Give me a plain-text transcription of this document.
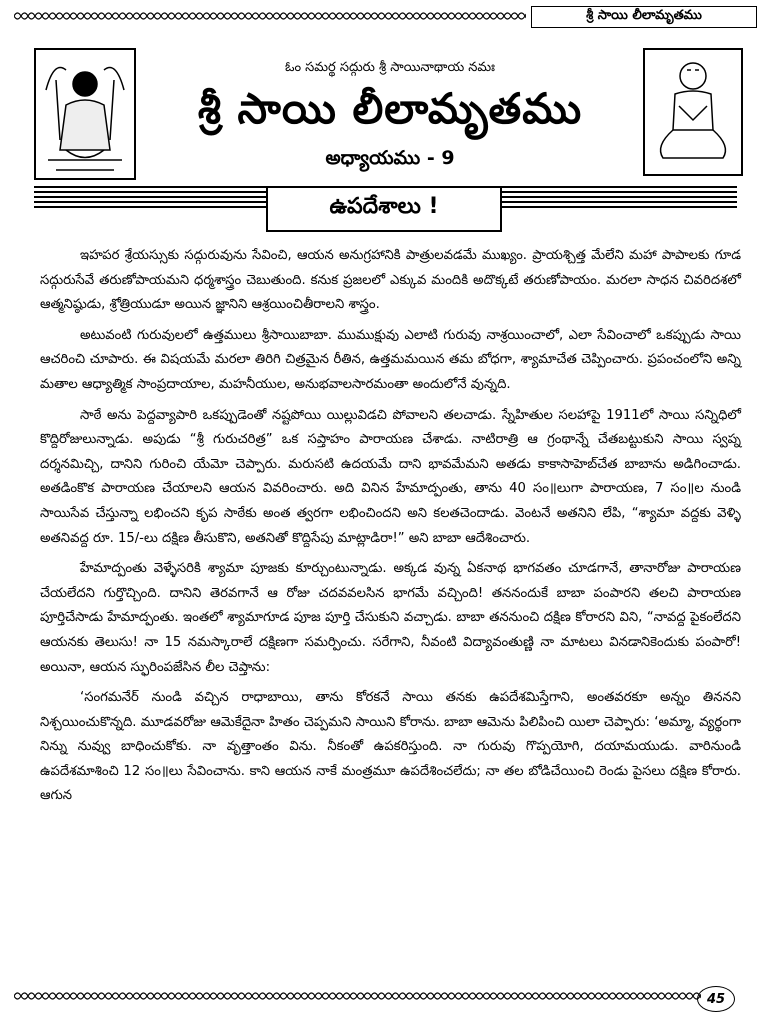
శ్రీ సాయి లీలామృతము
ఓం సమర్థ సద్గురు శ్రీ సాయినాథాయ నమః
శ్రీ సాయి లీలామృతము
అధ్యాయము - 9
ఉపదేశాలు !

ఇహపర శ్రేయస్సుకు సద్గురువును సేవించి, ఆయన అనుగ్రహానికి పాత్రులవడమే ముఖ్యం. ప్రాయశ్చిత్త మేలేని మహా పాపాలకు గూడ సద్గురుసేవే తరుణోపాయమని ధర్మశాస్త్రం చెబుతుంది. కనుక ప్రజలలో ఎక్కువ మందికి అదొక్కటే తరుణోపాయం. మరలా సాధన చివరిదశలో ఆత్మనిష్ఠుడు, శ్రోత్రియుడూ అయిన జ్ఞానిని ఆశ్రయించితీరాలని శాస్త్రం.

అటువంటి గురువులలో ఉత్తములు శ్రీసాయిబాబా. ముముక్షువు ఎలాటి గురువు నాశ్రయించాలో, ఎలా సేవించాలో ఒకప్పుడు సాయి ఆచరించి చూపారు. ఈ విషయమే మరలా తిరిగి చిత్రమైన రీతిన, ఉత్తమమయిన తమ బోధగా, శ్యామాచేత చెప్పించారు. ప్రపంచంలోని అన్ని మతాల ఆధ్యాత్మిక సాంప్రదాయాల, మహనీయుల, అనుభవాలసారమంతా అందులోనే వున్నది.

సాఠే అను పెద్దవ్యాపారి ఒకప్పుడెంతో నష్టపోయి యిల్లువిడచి పోవాలని తలచాడు. స్నేహితుల సలహాపై 1911లో సాయి సన్నిధిలో కొద్దిరోజులున్నాడు. అపుడు “శ్రీ గురుచరిత్ర” ఒక సప్తాహం పారాయణ చేశాడు. నాటిరాత్రి ఆ గ్రంథాన్నే చేతబట్టుకుని సాయి స్వప్న దర్శనమిచ్చి, దానిని గురించి యేమో చెప్పారు. మరుసటి ఉదయమే దాని భావమేమని అతడు కాకాసాహెబ్‌చేత బాబాను అడిగించాడు. అతడింకొక పారాయణ చేయాలని ఆయన వివరించారు. అది విని‌న హేమాద్పంతు, తాను 40 సం॥లుగా పారాయణ, 7 సం॥ల నుండి సాయిసేవ చేస్తున్నా లభించని కృప సాఠేకు అంత త్వరగా లభించిందని అని కలతచెందాడు. వెంటనే అతనిని లేపి, “శ్యామా వద్దకు వెళ్ళి అతనివద్ద రూ. 15/-లు దక్షిణ తీసుకొని, అతనితో కొద్దిసేపు మాట్లాడిరా!” అని బాబా ఆదేశించారు.

హేమాద్పంతు వెళ్ళేసరికి శ్యామా పూజకు కూర్చుంటున్నాడు. అక్కడ వున్న ఏకనాథ భాగవతం చూడగానే, తానారోజు పారాయణ చేయలేదని గుర్తొచ్చింది. దానిని తెరవగానే ఆ రోజు చదవవలసిన భాగమే వచ్చింది! తననందుకే బాబా పంపారని తలచి పారాయణ పూర్తిచేసాడు హేమాద్పంతు. ఇంతలో శ్యామాగూడ పూజ పూర్తి చేసుకుని వచ్చాడు. బాబా తననుంచి దక్షిణ కోరారని విని, “నావద్ద పైకంలేదని ఆయనకు తెలుసు! నా 15 నమస్కారాలే దక్షిణగా సమర్పించు. సరేగాని, నీవంటి విద్యావంతుణ్ణి నా మాటలు వినడానికెందుకు పంపారో! అయినా, ఆయన స్ఫురింపజేసిన లీల చెప్తాను:

‘సంగమనేర్ నుండి వచ్చిన రాధాబాయి, తాను కోరకనే సాయి తనకు ఉపదేశమిస్తేగాని, అంతవరకూ అన్నం తిననని నిశ్చయించుకొన్నది. మూడవరోజు ఆమెకేదైనా హితం చెప్పమని సాయిని కోరాను. బాబా ఆమెను పిలిపించి యిలా చెప్పారు: ‘అమ్మా, వ్యర్థంగా నిన్ను నువ్వు బాధించుకోకు. నా వృత్తాంతం విను. నీకంతో ఉపకరిస్తుంది. నా గురువు గొప్పయోగి, దయామయుడు. వారినుండి ఉపదేశమాశించి 12 సం॥లు సేవించాను. కాని ఆయన నాకే మంత్రమూ ఉపదేశించలేదు; నా తల బోడిచేయించి రెండు పైసలు దక్షిణ కోరారు. ఆగున

45
